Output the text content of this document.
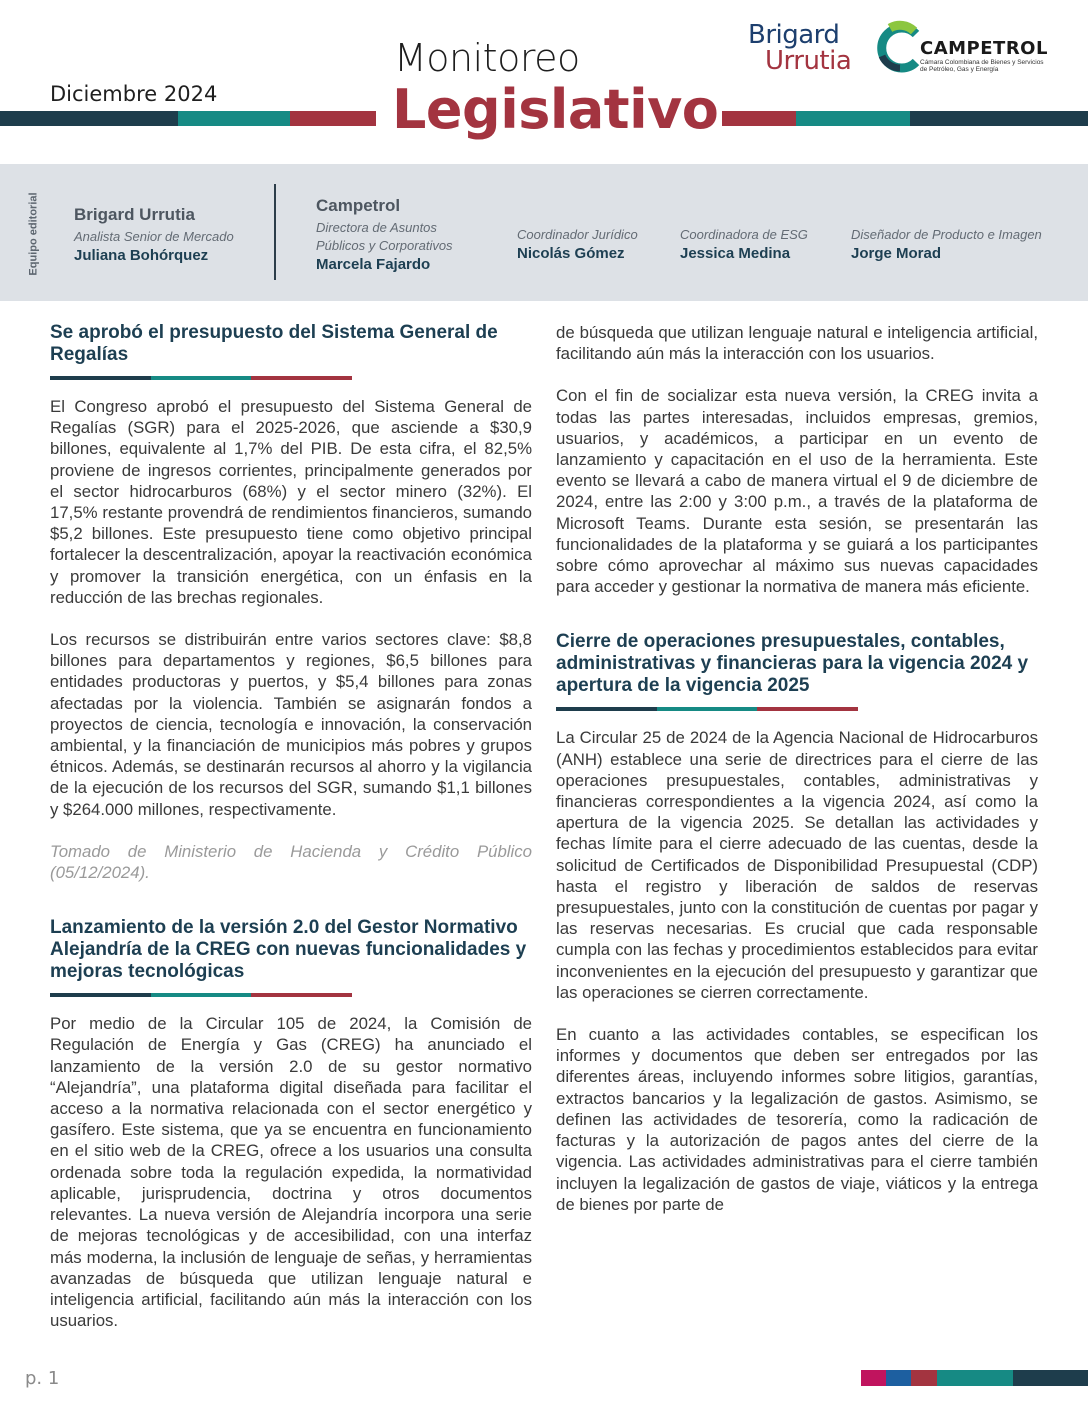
Diciembre 2024
Monitoreo
Legislativo
Brigard
Urrutia	CAMPETROL
Cámara Colombiana de Bienes y Servicios de Petróleo, Gas y Energía
Equipo editorial Brigard Urrutia
Analista Senior de Mercado
Juliana Bohórquez
Campetrol
Directora de Asuntos Públicos y Corporativos
Marcela Fajardo
Coordinador Jurídico
Nicolás Gómez
Coordinadora de ESG
Jessica Medina
Diseñador de Producto e Imagen
Jorge Morad
Se aprobó el presupuesto del Sistema General de Regalías

El Congreso aprobó el presupuesto del Sistema General de Regalías (SGR) para el 2025-2026, que asciende a $30,9 billones, equivalente al 1,7% del PIB. De esta cifra, el 82,5% proviene de ingresos corrientes, principalmente generados por el sector hidrocarburos (68%) y el sector minero (32%). El 17,5% restante provendrá de rendimientos financieros, sumando $5,2 billones. Este presupuesto tiene como objetivo principal fortalecer la descentralización, apoyar la reactivación económica y promover la transición energética, con un énfasis en la reducción de las brechas regionales.

Los recursos se distribuirán entre varios sectores clave: $8,8 billones para departamentos y regiones, $6,5 billones para entidades productoras y puertos, y $5,4 billones para zonas afectadas por la violencia. También se asignarán fondos a proyectos de ciencia, tecnología e innovación, la conservación ambiental, y la financiación de municipios más pobres y grupos étnicos. Además, se destinarán recursos al ahorro y la vigilancia de la ejecución de los recursos del SGR, sumando $1,1 billones y $264.000 millones, respectivamente.

Tomado de Ministerio de Hacienda y Crédito Público (05/12/2024).

Lanzamiento de la versión 2.0 del Gestor Normativo Alejandría de la CREG con nuevas funcionalidades y mejoras tecnológicas

Por medio de la Circular 105 de 2024, la Comisión de Regulación de Energía y Gas (CREG) ha anunciado el lanzamiento de la versión 2.0 de su gestor normativo “Alejandría”, una plataforma digital diseñada para facilitar el acceso a la normativa relacionada con el sector energético y gasífero. Este sistema, que ya se encuentra en funcionamiento en el sitio web de la CREG, ofrece a los usuarios una consulta ordenada sobre toda la regulación expedida, la normatividad aplicable, jurisprudencia, doctrina y otros documentos relevantes. La nueva versión de Alejandría incorpora una serie de mejoras tecnológicas y de accesibilidad, con una interfaz más moderna, la inclusión de lenguaje de señas, y herramientas avanzadas de búsqueda que utilizan lenguaje natural e inteligencia artificial, facilitando aún más la interacción con los usuarios.

de búsqueda que utilizan lenguaje natural e inteligencia artificial, facilitando aún más la interacción con los usuarios.

Con el fin de socializar esta nueva versión, la CREG invita a todas las partes interesadas, incluidos empresas, gremios, usuarios, y académicos, a participar en un evento de lanzamiento y capacitación en el uso de la herramienta. Este evento se llevará a cabo de manera virtual el 9 de diciembre de 2024, entre las 2:00 y 3:00 p.m., a través de la plataforma de Microsoft Teams. Durante esta sesión, se presentarán las funcionalidades de la plataforma y se guiará a los participantes sobre cómo aprovechar al máximo sus nuevas capacidades para acceder y gestionar la normativa de manera más eficiente.

Cierre de operaciones presupuestales, contables, administrativas y financieras para la vigencia 2024 y apertura de la vigencia 2025

La Circular 25 de 2024 de la Agencia Nacional de Hidrocarburos (ANH) establece una serie de directrices para el cierre de las operaciones presupuestales, contables, administrativas y financieras correspondientes a la vigencia 2024, así como la apertura de la vigencia 2025. Se detallan las actividades y fechas límite para el cierre adecuado de las cuentas, desde la solicitud de Certificados de Disponibilidad Presupuestal (CDP) hasta el registro y liberación de saldos de reservas presupuestales, junto con la constitución de cuentas por pagar y las reservas necesarias. Es crucial que cada responsable cumpla con las fechas y procedimientos establecidos para evitar inconvenientes en la ejecución del presupuesto y garantizar que las operaciones se cierren correctamente.

En cuanto a las actividades contables, se especifican los informes y documentos que deben ser entregados por las diferentes áreas, incluyendo informes sobre litigios, garantías, extractos bancarios y la legalización de gastos. Asimismo, se definen las actividades de tesorería, como la radicación de facturas y la autorización de pagos antes del cierre de la vigencia. Las actividades administrativas para el cierre también incluyen la legalización de gastos de viaje, viáticos y la entrega de bienes por parte de

p. 1
